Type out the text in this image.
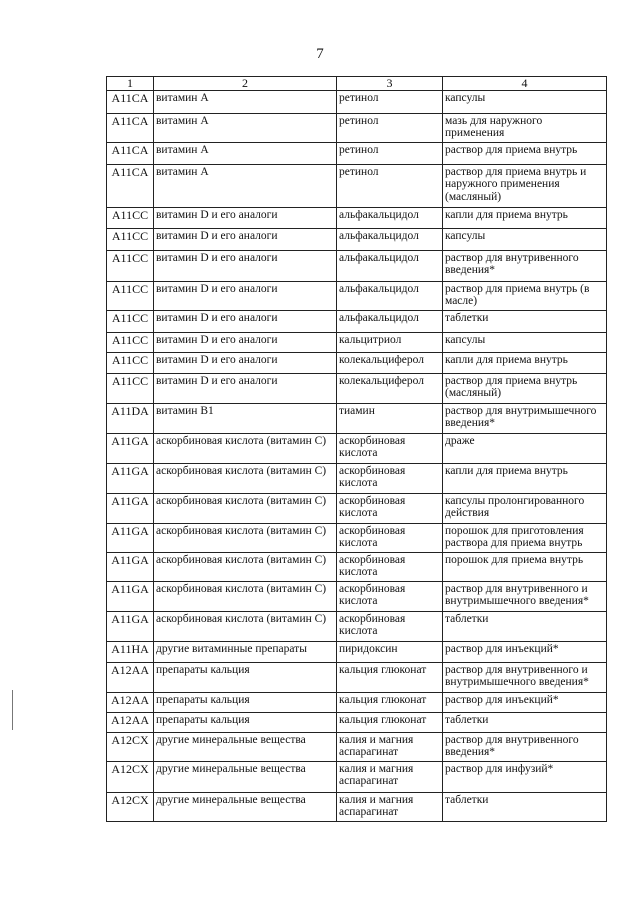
7
1	2	3	4
A11CA	витамин А	ретинол	капсулы
A11CA	витамин А	ретинол	мазь для наружного применения
A11CA	витамин А	ретинол	раствор для приема внутрь
A11CA	витамин А	ретинол	раствор для приема внутрь и наружного применения (масляный)
A11CC	витамин D и его аналоги	альфакальцидол	капли для приема внутрь
A11CC	витамин D и его аналоги	альфакальцидол	капсулы
A11CC	витамин D и его аналоги	альфакальцидол	раствор для внутривенного введения*
A11CC	витамин D и его аналоги	альфакальцидол	раствор для приема внутрь (в масле)
A11CC	витамин D и его аналоги	альфакальцидол	таблетки
A11CC	витамин D и его аналоги	кальцитриол	капсулы
A11CC	витамин D и его аналоги	колекальциферол	капли для приема внутрь
A11CC	витамин D и его аналоги	колекальциферол	раствор для приема внутрь (масляный)
A11DA	витамин B1	тиамин	раствор для внутримышечного введения*
A11GA	аскорбиновая кислота (витамин С)	аскорбиновая кислота	драже
A11GA	аскорбиновая кислота (витамин С)	аскорбиновая кислота	капли для приема внутрь
A11GA	аскорбиновая кислота (витамин С)	аскорбиновая кислота	капсулы пролонгированного действия
A11GA	аскорбиновая кислота (витамин С)	аскорбиновая кислота	порошок для приготовления раствора для приема внутрь
A11GA	аскорбиновая кислота (витамин С)	аскорбиновая кислота	порошок для приема внутрь
A11GA	аскорбиновая кислота (витамин С)	аскорбиновая кислота	раствор для внутривенного и внутримышечного введения*
A11GA	аскорбиновая кислота (витамин С)	аскорбиновая кислота	таблетки
A11HA	другие витаминные препараты	пиридоксин	раствор для инъекций*
A12AA	препараты кальция	кальция глюконат	раствор для внутривенного и внутримышечного введения*
A12AA	препараты кальция	кальция глюконат	раствор для инъекций*
A12AA	препараты кальция	кальция глюконат	таблетки
A12CX	другие минеральные вещества	калия и магния аспарагинат	раствор для внутривенного введения*
A12CX	другие минеральные вещества	калия и магния аспарагинат	раствор для инфузий*
A12CX	другие минеральные вещества	калия и магния аспарагинат	таблетки
